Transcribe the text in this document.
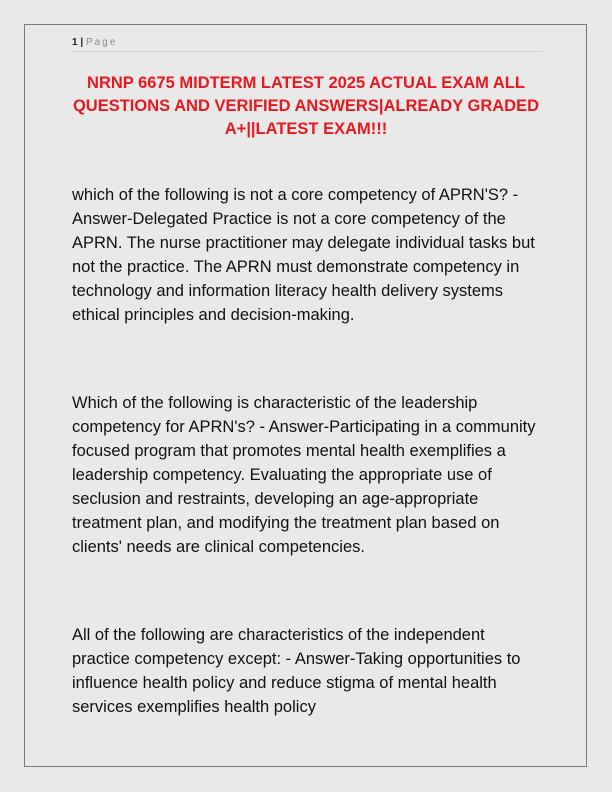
1 | Page
NRNP 6675 MIDTERM LATEST 2025 ACTUAL EXAM ALL QUESTIONS AND VERIFIED ANSWERS|ALREADY GRADED A+||LATEST EXAM!!!
which of the following is not a core competency of APRN'S? - Answer-Delegated Practice is not a core competency of the APRN. The nurse practitioner may delegate individual tasks but not the practice. The APRN must demonstrate competency in technology and information literacy health delivery systems ethical principles and decision-making.
Which of the following is characteristic of the leadership competency for APRN's? - Answer-Participating in a community focused program that promotes mental health exemplifies a leadership competency. Evaluating the appropriate use of seclusion and restraints, developing an age-appropriate treatment plan, and modifying the treatment plan based on clients' needs are clinical competencies.
All of the following are characteristics of the independent practice competency except: - Answer-Taking opportunities to influence health policy and reduce stigma of mental health services exemplifies health policy
